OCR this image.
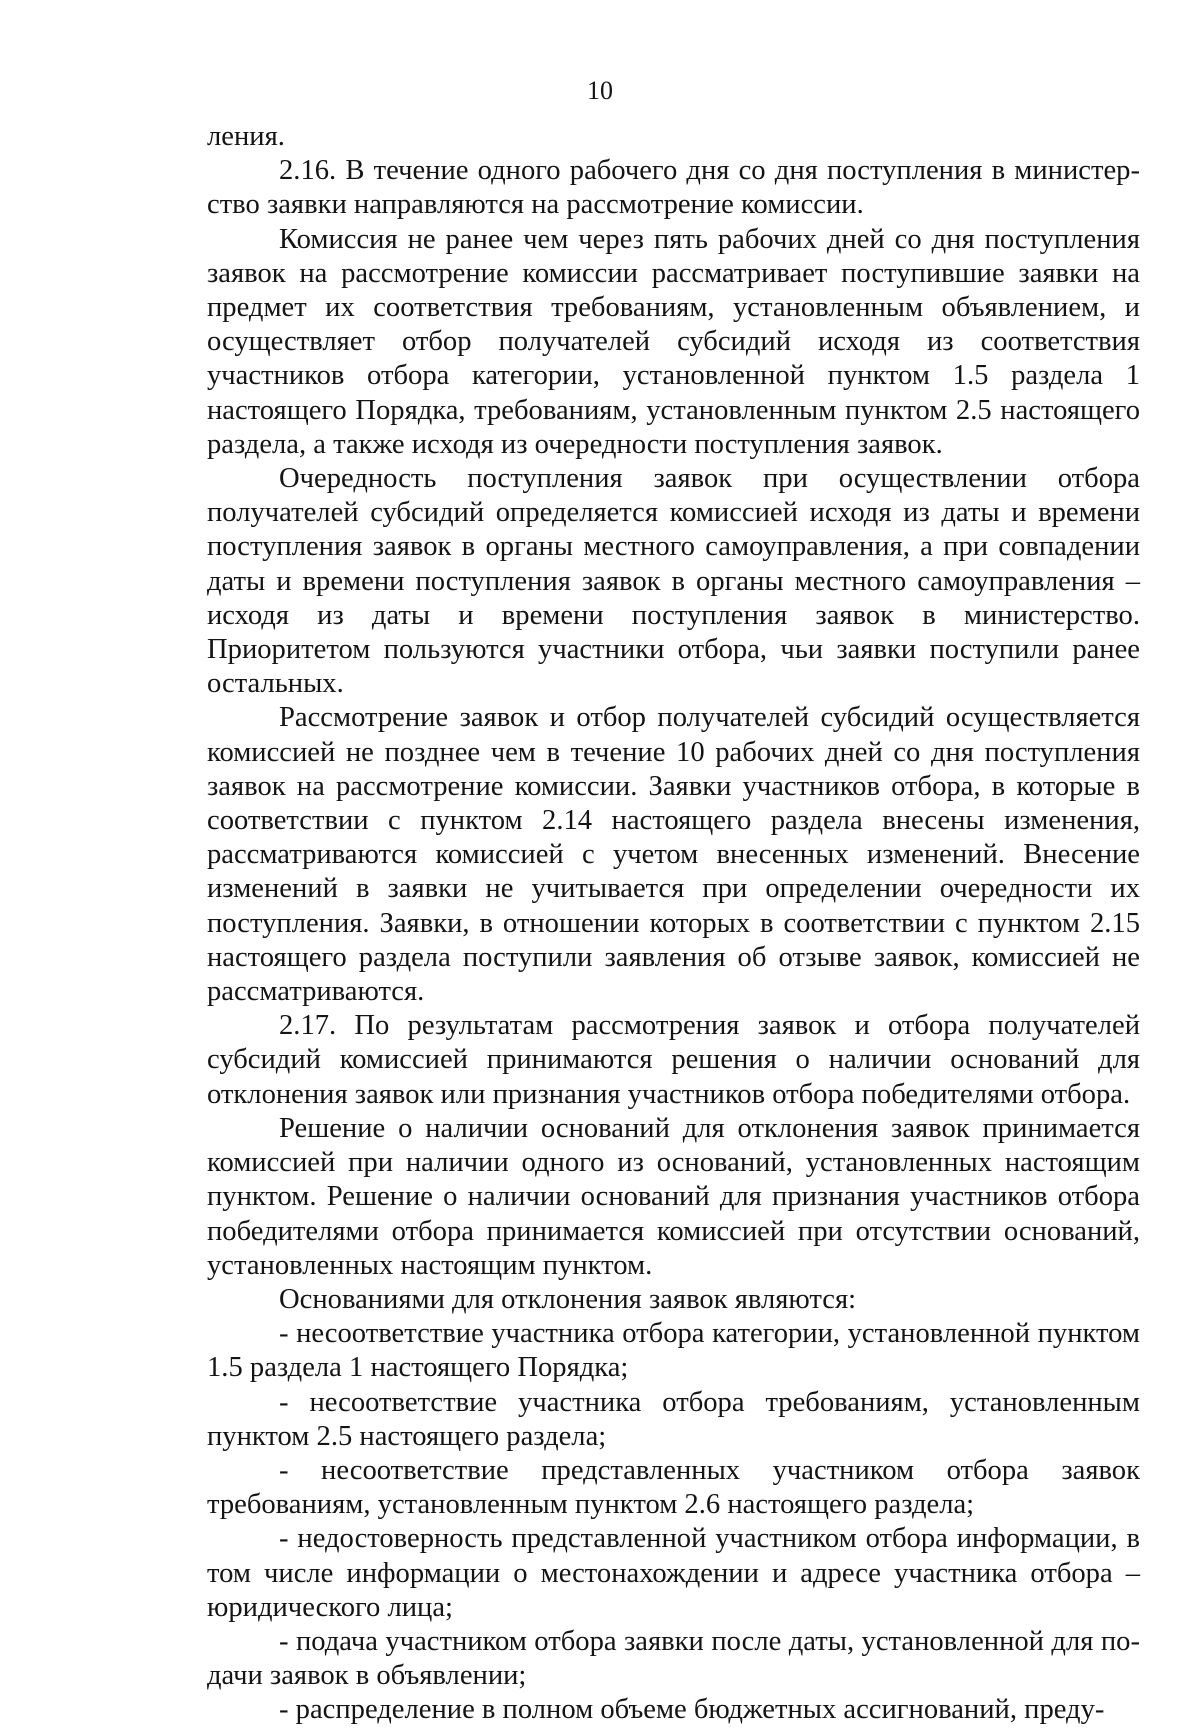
10

ления.

2.16. В течение одного рабочего дня со дня поступления в министерство заявки направляются на рассмотрение комиссии.

Комиссия не ранее чем через пять рабочих дней со дня поступления заявок на рассмотрение комиссии рассматривает поступившие заявки на предмет их соответствия требованиям, установленным объявлением, и осуществляет отбор получателей субсидий исходя из соответствия участников отбора категории, установленной пунктом 1.5 раздела 1 настоящего Порядка, требованиям, установленным пунктом 2.5 настоящего раздела, а также исходя из очередности поступления заявок.

Очередность поступления заявок при осуществлении отбора получателей субсидий определяется комиссией исходя из даты и времени поступления заявок в органы местного самоуправления, а при совпадении даты и времени поступления заявок в органы местного самоуправления – исходя из даты и времени поступления заявок в министерство. Приоритетом пользуются участники отбора, чьи заявки поступили ранее остальных.

Рассмотрение заявок и отбор получателей субсидий осуществляется комиссией не позднее чем в течение 10 рабочих дней со дня поступления заявок на рассмотрение комиссии. Заявки участников отбора, в которые в соответствии с пунктом 2.14 настоящего раздела внесены изменения, рассматриваются комиссией с учетом внесенных изменений. Внесение изменений в заявки не учитывается при определении очередности их поступления. Заявки, в отношении которых в соответствии с пунктом 2.15 настоящего раздела поступили заявления об отзыве заявок, комиссией не рассматриваются.

2.17. По результатам рассмотрения заявок и отбора получателей субсидий комиссией принимаются решения о наличии оснований для отклонения заявок или признания участников отбора победителями отбора.

Решение о наличии оснований для отклонения заявок принимается комиссией при наличии одного из оснований, установленных настоящим пунктом. Решение о наличии оснований для признания участников отбора победителями отбора принимается комиссией при отсутствии оснований, установленных настоящим пунктом.

Основаниями для отклонения заявок являются:

- несоответствие участника отбора категории, установленной пунктом 1.5 раздела 1 настоящего Порядка;

- несоответствие участника отбора требованиям, установленным пунктом 2.5 настоящего раздела;

- несоответствие представленных участником отбора заявок требованиям, установленным пунктом 2.6 настоящего раздела;

- недостоверность представленной участником отбора информации, в том числе информации о местонахождении и адресе участника отбора – юридического лица;

- подача участником отбора заявки после даты, установленной для подачи заявок в объявлении;

- распределение в полном объеме бюджетных ассигнований, преду-
